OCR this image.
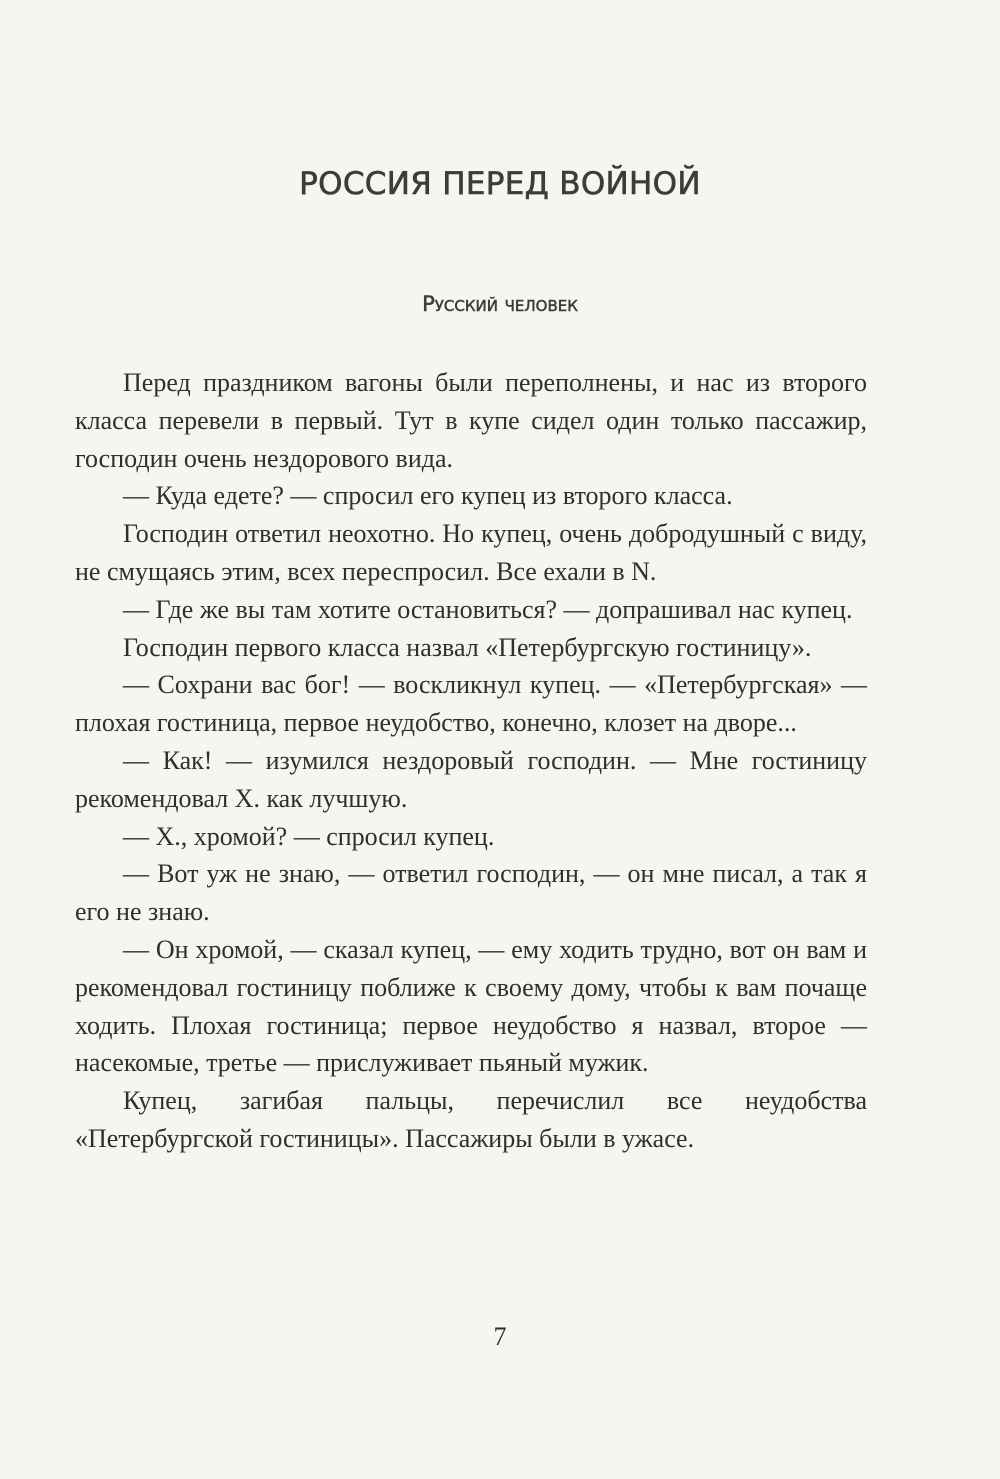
РОССИЯ ПЕРЕД ВОЙНОЙ
Русский человек

Перед праздником вагоны были переполнены, и нас из второго класса перевели в первый. Тут в купе сидел один только пассажир, господин очень нездорового вида.

— Куда едете? — спросил его купец из второго класса.

Господин ответил неохотно. Но купец, очень добродушный с виду, не смущаясь этим, всех переспросил. Все ехали в N.

— Где же вы там хотите остановиться? — допрашивал нас купец.

Господин первого класса назвал «Петербургскую гостиницу».

— Сохрани вас бог! — воскликнул купец. — «Петербургская» — плохая гостиница, первое неудобство, конечно, клозет на дворе...

— Как! — изумился нездоровый господин. — Мне гостиницу рекомендовал Х. как лучшую.

— Х., хромой? — спросил купец.

— Вот уж не знаю, — ответил господин, — он мне писал, а так я его не знаю.

— Он хромой, — сказал купец, — ему ходить трудно, вот он вам и рекомендовал гостиницу поближе к своему дому, чтобы к вам почаще ходить. Плохая гостиница; первое неудобство я назвал, второе — насекомые, третье — прислуживает пьяный мужик.

Купец, загибая пальцы, перечислил все неудобства «Петербургской гостиницы». Пассажиры были в ужасе.

7
